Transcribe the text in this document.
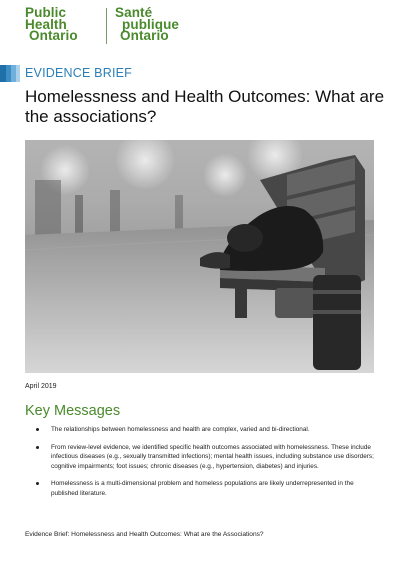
Public
Health
Ontario
Santé
publique
Ontario
EVIDENCE BRIEF
Homelessness and Health Outcomes: What are the associations?
April 2019
Key Messages
The relationships between homelessness and health are complex, varied and bi-directional.
From review-level evidence, we identified specific health outcomes associated with homelessness. These include infectious diseases (e.g., sexually transmitted infections); mental health issues, including substance use disorders; cognitive impairments; foot issues; chronic diseases (e.g., hypertension, diabetes) and injuries.
Homelessness is a multi-dimensional problem and homeless populations are likely underrepresented in the published literature.
Evidence Brief: Homelessness and Health Outcomes: What are the Associations?
